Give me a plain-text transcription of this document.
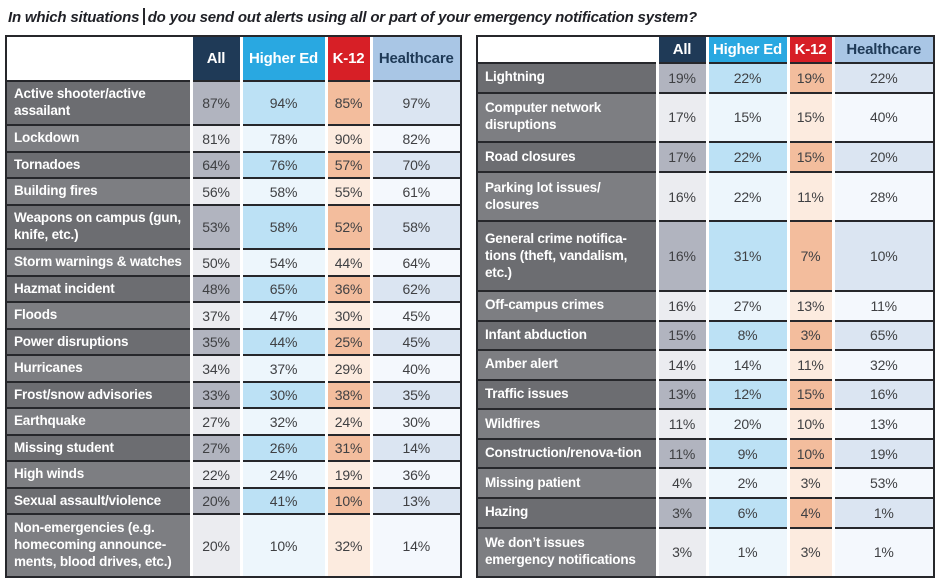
In which situations do you send out alerts using all or part of your emergency notification system?
	All	Higher Ed	K-12	Healthcare
Active shooter/active assailant	87%	94%	85%	97%
Lockdown	81%	78%	90%	82%
Tornadoes	64%	76%	57%	70%
Building fires	56%	58%	55%	61%
Weapons on campus (gun, knife, etc.)	53%	58%	52%	58%
Storm warnings & watches	50%	54%	44%	64%
Hazmat incident	48%	65%	36%	62%
Floods	37%	47%	30%	45%
Power disruptions	35%	44%	25%	45%
Hurricanes	34%	37%	29%	40%
Frost/snow advisories	33%	30%	38%	35%
Earthquake	27%	32%	24%	30%
Missing student	27%	26%	31%	14%
High winds	22%	24%	19%	36%
Sexual assault/violence	20%	41%	10%	13%
Non-emergencies (e.g. homecoming announce-ments, blood drives, etc.)	20%	10%	32%	14%
	All	Higher Ed	K-12	Healthcare
Lightning	19%	22%	19%	22%
Computer network disruptions	17%	15%	15%	40%
Road closures	17%	22%	15%	20%
Parking lot issues/ closures	16%	22%	11%	28%
General crime notifica-tions (theft, vandalism, etc.)	16%	31%	7%	10%
Off-campus crimes	16%	27%	13%	11%
Infant abduction	15%	8%	3%	65%
Amber alert	14%	14%	11%	32%
Traffic issues	13%	12%	15%	16%
Wildfires	11%	20%	10%	13%
Construction/renova-tion	11%	9%	10%	19%
Missing patient	4%	2%	3%	53%
Hazing	3%	6%	4%	1%
We don’t issues emergency notifications	3%	1%	3%	1%
